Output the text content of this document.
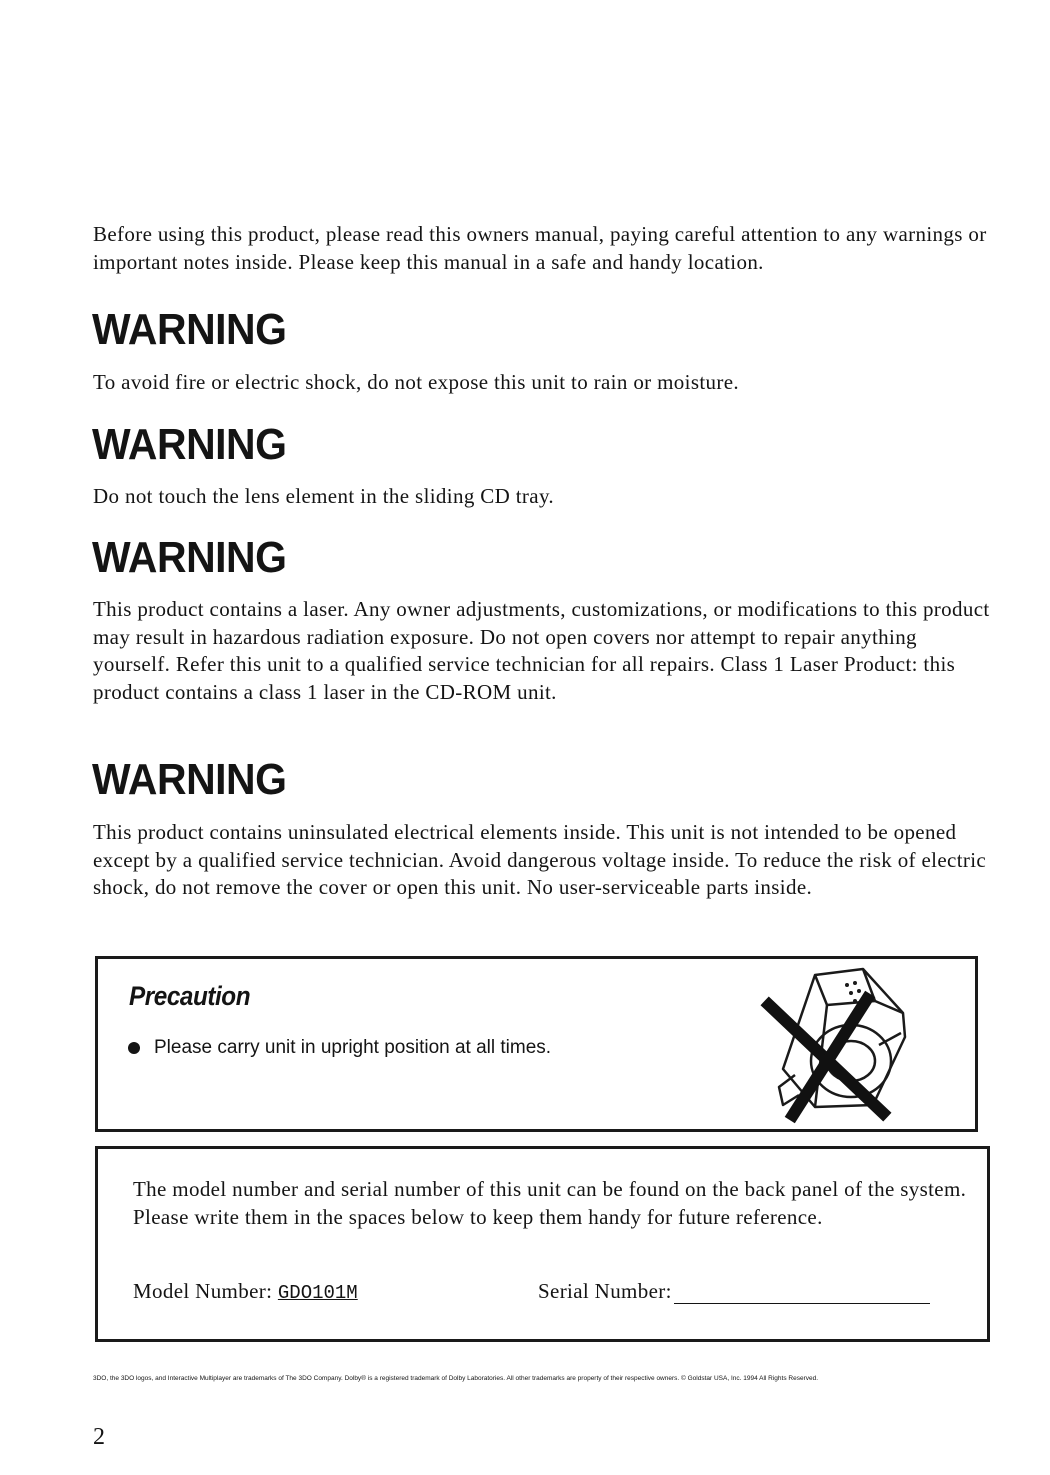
Before using this product, please read this owners manual, paying careful attention to any warnings or important notes inside. Please keep this manual in a safe and handy location.

WARNING

To avoid fire or electric shock, do not expose this unit to rain or moisture.

WARNING

Do not touch the lens element in the sliding CD tray.

WARNING

This product contains a laser. Any owner adjustments, customizations, or modifications to this product may result in hazardous radiation exposure. Do not open covers nor attempt to repair anything yourself. Refer this unit to a qualified service technician for all repairs. Class 1 Laser Product: this product contains a class 1 laser in the CD-ROM unit.

WARNING

This product contains uninsulated electrical elements inside. This unit is not intended to be opened except by a qualified service technician. Avoid dangerous voltage inside. To reduce the risk of electric shock, do not remove the cover or open this unit. No user-serviceable parts inside.

Precaution
Please carry unit in upright position at all times.

The model number and serial number of this unit can be found on the back panel of the system. Please write them in the spaces below to keep them handy for future reference.

Model Number: GDO101M	Serial Number:

3DO, the 3DO logos, and Interactive Multiplayer are trademarks of The 3DO Company. Dolby® is a registered trademark of Dolby Laboratories. All other trademarks are property of their respective owners. © Goldstar USA, Inc. 1994 All Rights Reserved.

2
